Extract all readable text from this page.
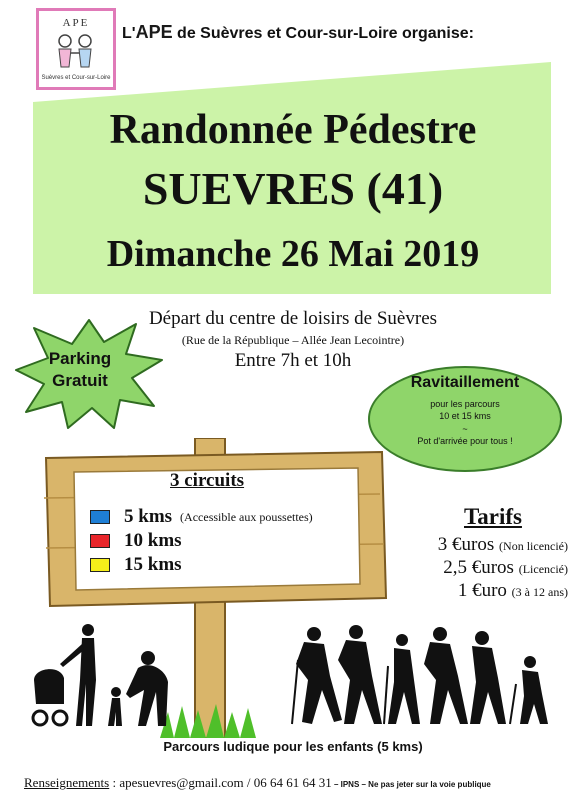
APE
Suèvres et Cour-sur-Loire
L'APE de Suèvres et Cour-sur-Loire organise:
Randonnée Pédestre
SUEVRES (41)
Dimanche 26 Mai 2019
Départ du centre de loisirs de Suèvres
(Rue de la République – Allée Jean Lecointre)
Entre 7h et 10h
Parking
Gratuit	Ravitaillement
pour les parcours
10 et 15 kms
~
Pot d'arrivée pour tous !
3 circuits
5 kms (Accessible aux poussettes)
10 kms
15 kms
Tarifs
3 €uros (Non licencié)
2,5 €uros (Licencié)
1 €uro (3 à 12 ans)
Parcours ludique pour les enfants (5 kms)
Renseignements : apesuevres@gmail.com / 06 64 61 64 31 – IPNS – Ne pas jeter sur la voie publique
